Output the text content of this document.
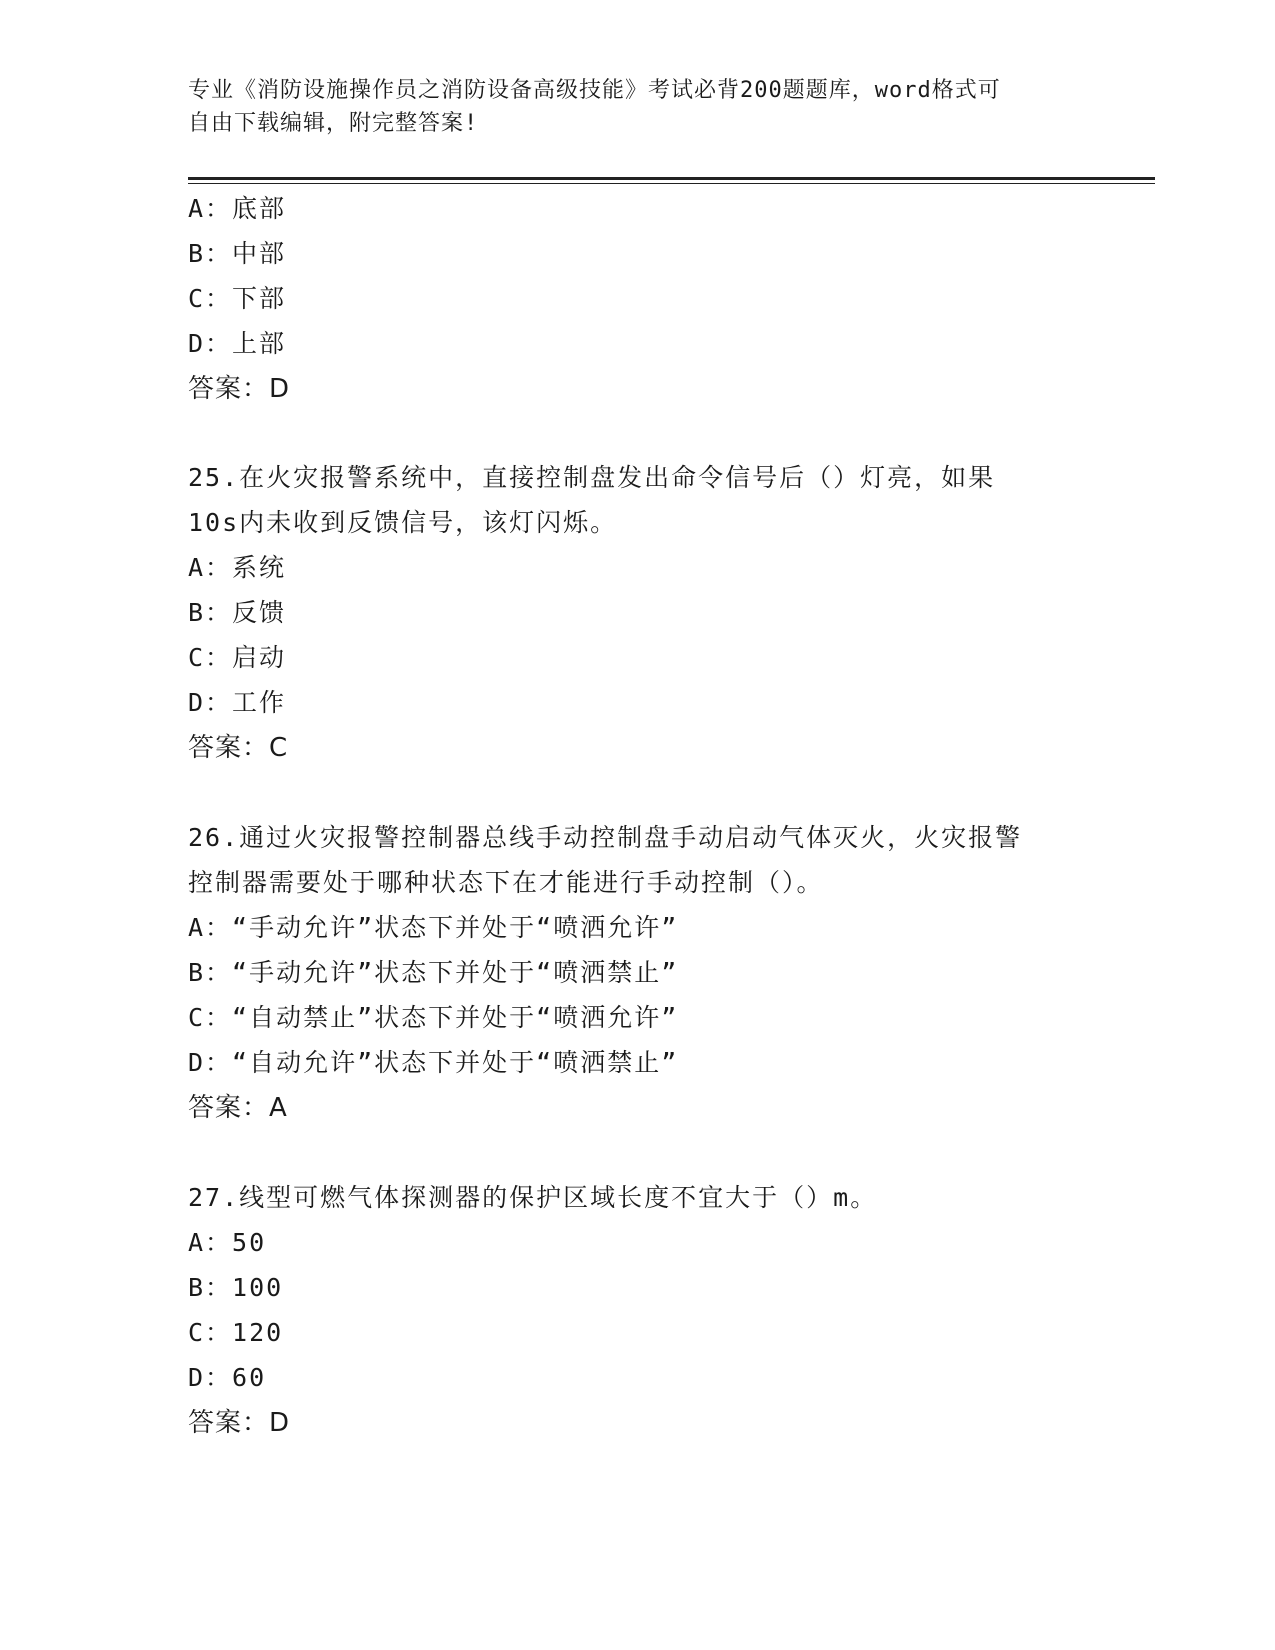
专业《消防设施操作员之消防设备高级技能》考试必背200题题库，word格式可
自由下载编辑，附完整答案!
A：底部
B：中部
C：下部
D：上部
答案：D
25.在火灾报警系统中，直接控制盘发出命令信号后（）灯亮，如果
10s内未收到反馈信号，该灯闪烁。
A：系统
B：反馈
C：启动
D：工作
答案：C
26.通过火灾报警控制器总线手动控制盘手动启动气体灭火，火灾报警
控制器需要处于哪种状态下在才能进行手动控制（）。
A：“手动允许”状态下并处于“喷洒允许”
B：“手动允许”状态下并处于“喷洒禁止”
C：“自动禁止”状态下并处于“喷洒允许”
D：“自动允许”状态下并处于“喷洒禁止”
答案：A
27.线型可燃气体探测器的保护区域长度不宜大于（）m。
A：50
B：100
C：120
D：60
答案：D
